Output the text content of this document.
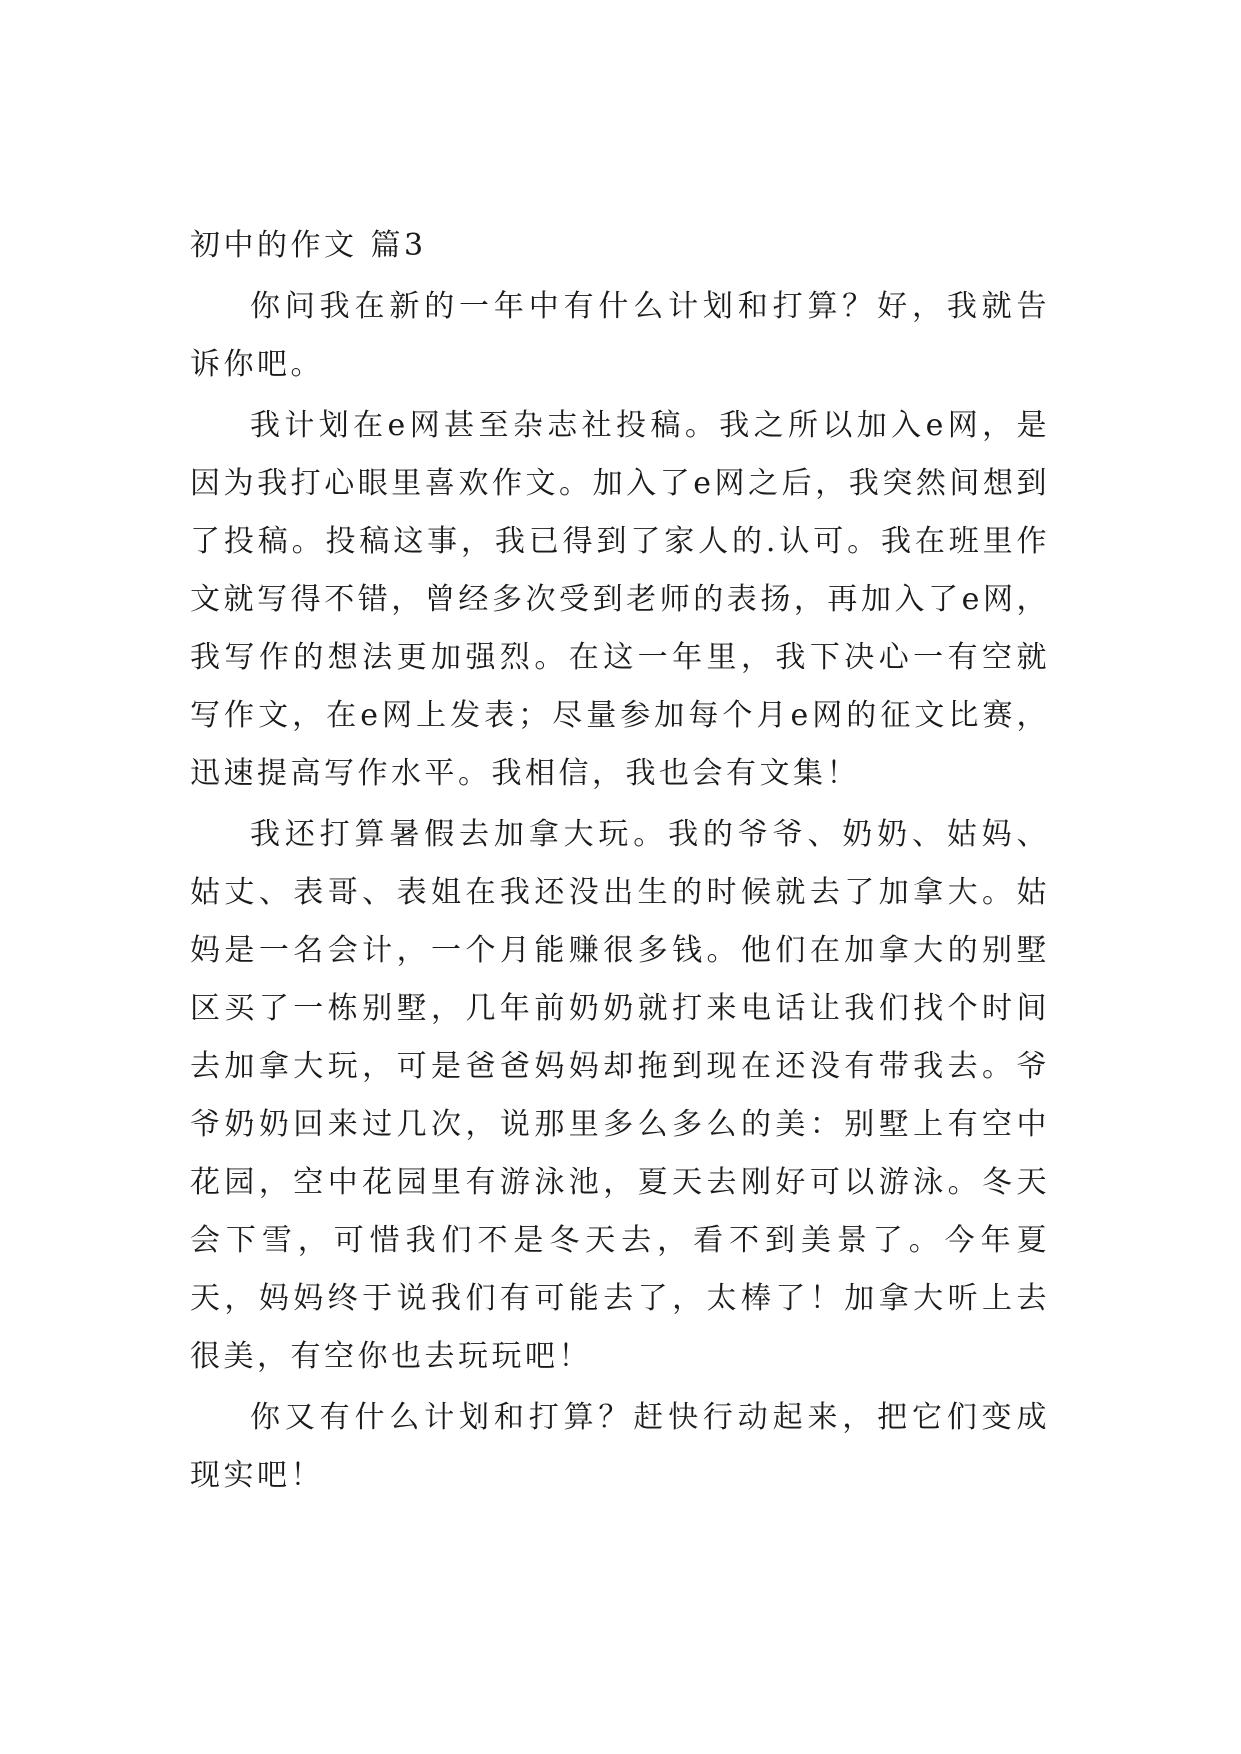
初中的作文 篇3

你问我在新的一年中有什么计划和打算？好，我就告诉你吧。

我计划在e网甚至杂志社投稿。我之所以加入e网，是因为我打心眼里喜欢作文。加入了e网之后，我突然间想到了投稿。投稿这事，我已得到了家人的.认可。我在班里作文就写得不错，曾经多次受到老师的表扬，再加入了e网，我写作的想法更加强烈。在这一年里，我下决心一有空就写作文，在e网上发表；尽量参加每个月e网的征文比赛，迅速提高写作水平。我相信，我也会有文集！

我还打算暑假去加拿大玩。我的爷爷、奶奶、姑妈、姑丈、表哥、表姐在我还没出生的时候就去了加拿大。姑妈是一名会计，一个月能赚很多钱。他们在加拿大的别墅区买了一栋别墅，几年前奶奶就打来电话让我们找个时间去加拿大玩，可是爸爸妈妈却拖到现在还没有带我去。爷爷奶奶回来过几次，说那里多么多么的美：别墅上有空中花园，空中花园里有游泳池，夏天去刚好可以游泳。冬天会下雪，可惜我们不是冬天去，看不到美景了。今年夏天，妈妈终于说我们有可能去了，太棒了！加拿大听上去很美，有空你也去玩玩吧！

你又有什么计划和打算？赶快行动起来，把它们变成现实吧！
